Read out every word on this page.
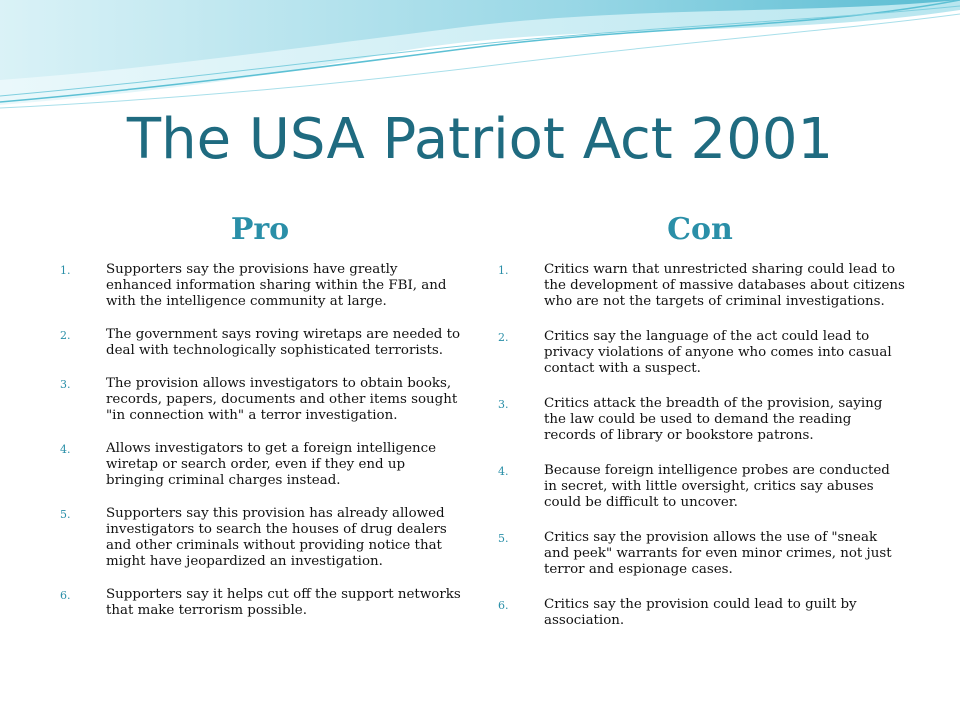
The USA Patriot Act 2001
Pro	Con
1.	Supporters say the provisions have greatly enhanced information sharing within the FBI, and with the intelligence community at large.
2.	The government says roving wiretaps are needed to deal with technologically sophisticated terrorists.
3.	The provision allows investigators to obtain books, records, papers, documents and other items sought "in connection with" a terror investigation.
4.	Allows investigators to get a foreign intelligence wiretap or search order, even if they end up bringing criminal charges instead.
5.	Supporters say this provision has already allowed investigators to search the houses of drug dealers and other criminals without providing notice that might have jeopardized an investigation.
6.	Supporters say it helps cut off the support networks that make terrorism possible.
1.	Critics warn that unrestricted sharing could lead to the development of massive databases about citizens who are not the targets of criminal investigations.
2.	Critics say the language of the act could lead to privacy violations of anyone who comes into casual contact with a suspect.
3.	Critics attack the breadth of the provision, saying the law could be used to demand the reading records of library or bookstore patrons.
4.	Because foreign intelligence probes are conducted in secret, with little oversight, critics say abuses could be difficult to uncover.
5.	Critics say the provision allows the use of "sneak and peek" warrants for even minor crimes, not just terror and espionage cases.
6.	Critics say the provision could lead to guilt by association.
